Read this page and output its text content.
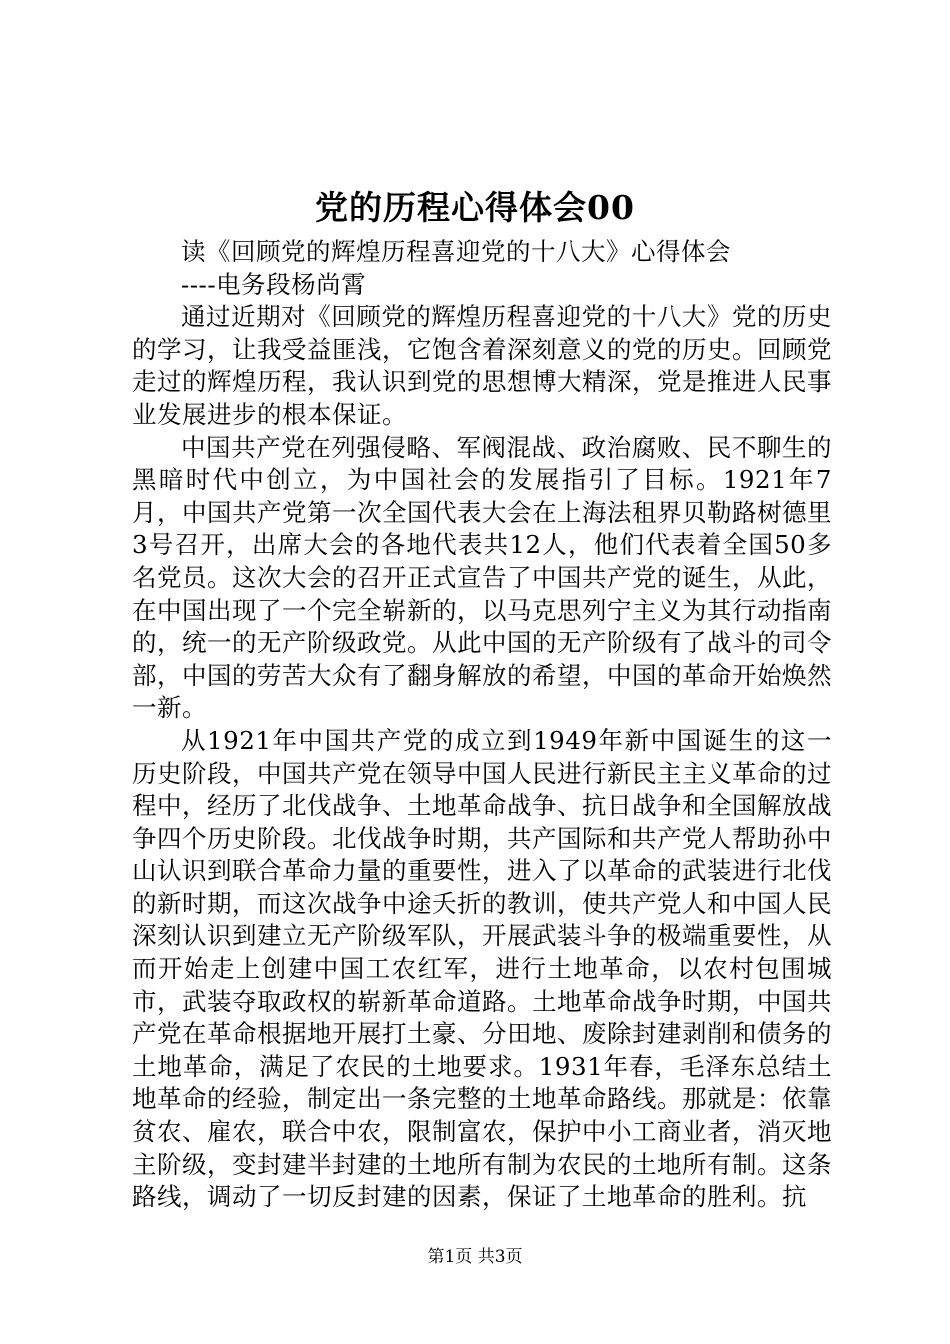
党的历程心得体会00

读《回顾党的辉煌历程喜迎党的十八大》心得体会

----电务段杨尚霄

通过近期对《回顾党的辉煌历程喜迎党的十八大》党的历史的学习，让我受益匪浅，它饱含着深刻意义的党的历史。回顾党走过的辉煌历程，我认识到党的思想博大精深，党是推进人民事业发展进步的根本保证。

中国共产党在列强侵略、军阀混战、政治腐败、民不聊生的黑暗时代中创立，为中国社会的发展指引了目标。1921年7月，中国共产党第一次全国代表大会在上海法租界贝勒路树德里3号召开，出席大会的各地代表共12人，他们代表着全国50多名党员。这次大会的召开正式宣告了中国共产党的诞生，从此，在中国出现了一个完全崭新的，以马克思列宁主义为其行动指南的，统一的无产阶级政党。从此中国的无产阶级有了战斗的司令部，中国的劳苦大众有了翻身解放的希望，中国的革命开始焕然一新。

从1921年中国共产党的成立到1949年新中国诞生的这一历史阶段，中国共产党在领导中国人民进行新民主主义革命的过程中，经历了北伐战争、土地革命战争、抗日战争和全国解放战争四个历史阶段。北伐战争时期，共产国际和共产党人帮助孙中山认识到联合革命力量的重要性，进入了以革命的武装进行北伐的新时期，而这次战争中途夭折的教训，使共产党人和中国人民深刻认识到建立无产阶级军队，开展武装斗争的极端重要性，从而开始走上创建中国工农红军，进行土地革命，以农村包围城市，武装夺取政权的崭新革命道路。土地革命战争时期，中国共产党在革命根据地开展打土豪、分田地、废除封建剥削和债务的土地革命，满足了农民的土地要求。1931年春，毛泽东总结土地革命的经验，制定出一条完整的土地革命路线。那就是：依靠贫农、雇农，联合中农，限制富农，保护中小工商业者，消灭地主阶级，变封建半封建的土地所有制为农民的土地所有制。这条路线，调动了一切反封建的因素，保证了土地革命的胜利。抗

第1页 共3页
